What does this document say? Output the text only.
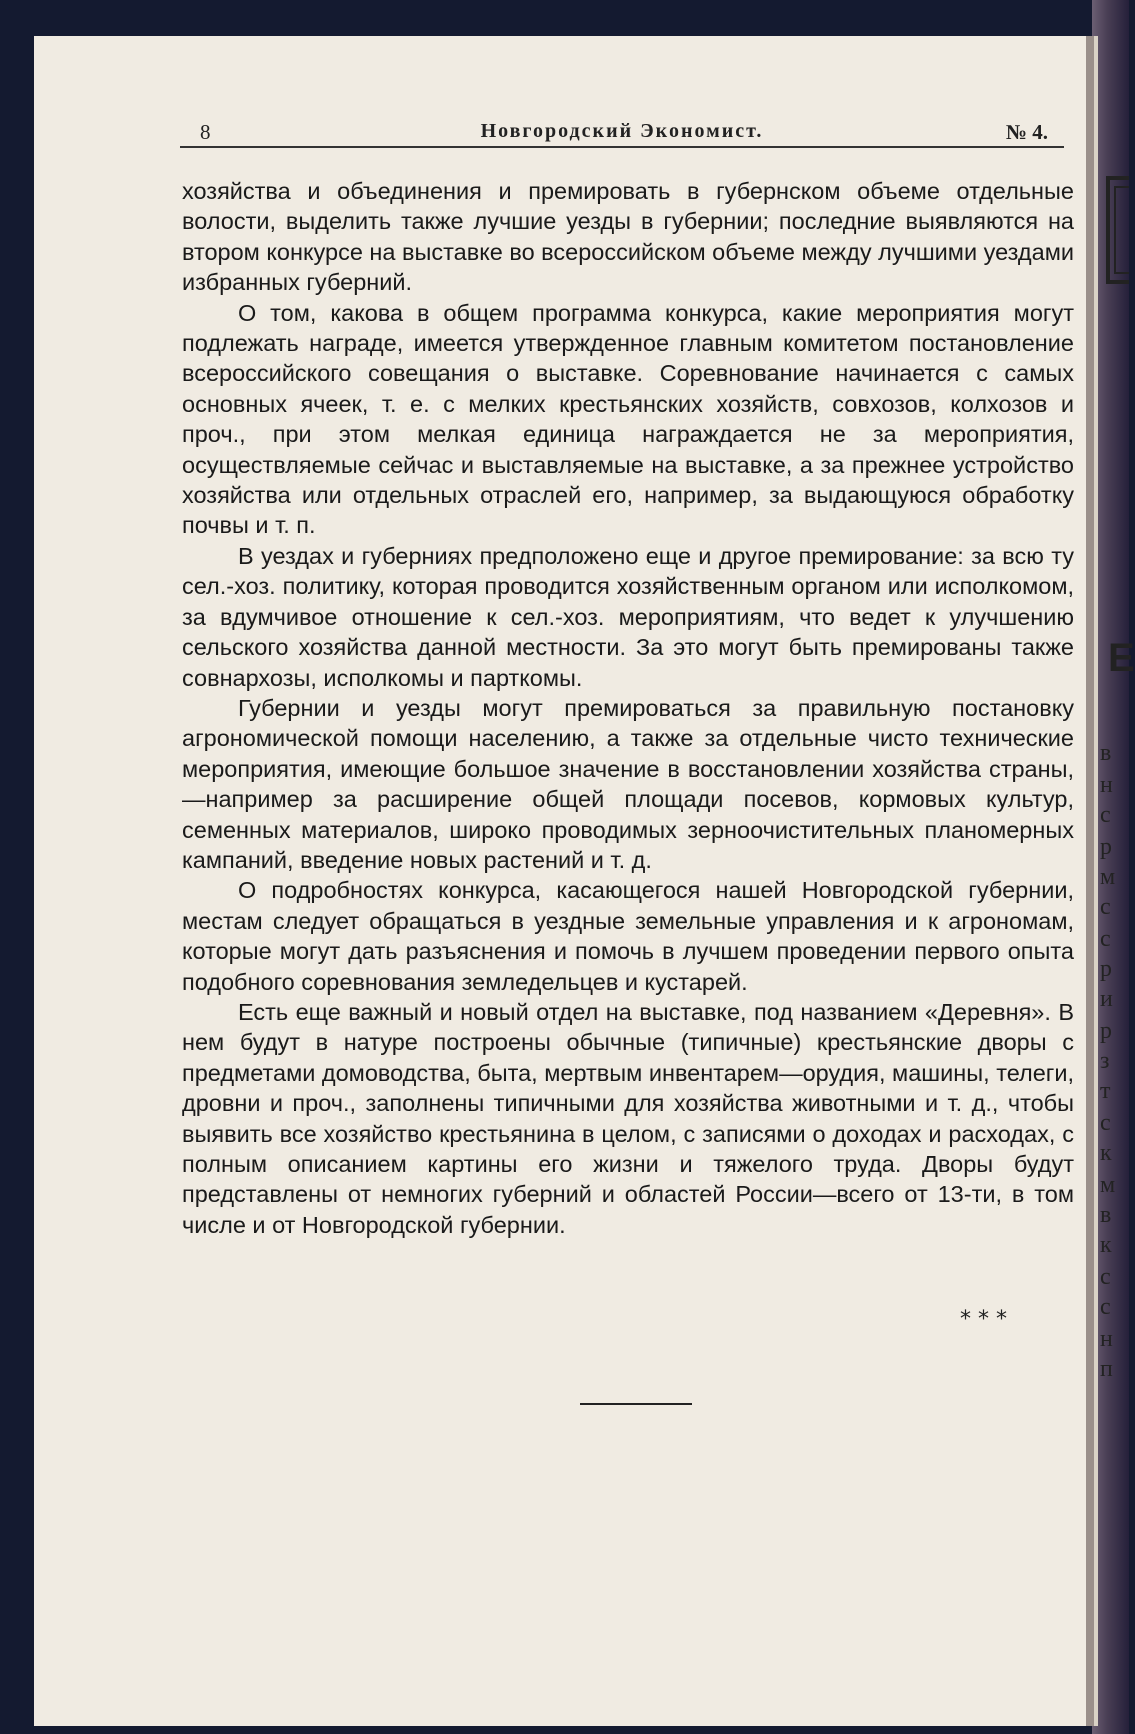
8	Новгородский Экономист.	№ 4.

хозяйства и объединения и премировать в губернском объеме отдельные волости, выделить также лучшие уезды в губернии; последние выявляются на втором конкурсе на выставке во всероссийском объеме между лучшими уездами избранных губерний.

О том, какова в общем программа конкурса, какие мероприятия могут подлежать награде, имеется утвержденное главным комитетом постановление всероссийского совещания о выставке. Соревнование начинается с самых основных ячеек, т. е. с мелких крестьянских хозяйств, совхозов, колхозов и проч., при этом мелкая единица награждается не за мероприятия, осуществляемые сейчас и выставляемые на выставке, а за прежнее устройство хозяйства или отдельных отраслей его, например, за выдающуюся обработку почвы и т. п.

В уездах и губерниях предположено еще и другое премирование: за всю ту сел.-хоз. политику, которая проводится хозяйственным органом или исполкомом, за вдумчивое отношение к сел.-хоз. мероприятиям, что ведет к улучшению сельского хозяйства данной местности. За это могут быть премированы также совнархозы, исполкомы и парткомы.

Губернии и уезды могут премироваться за правильную постановку агрономической помощи населению, а также за отдельные чисто технические мероприятия, имеющие большое значение в восстановлении хозяйства страны,—например за расширение общей площади посевов, кормовых культур, семенных материалов, широко проводимых зерноочистительных планомерных кампаний, введение новых растений и т. д.

О подробностях конкурса, касающегося нашей Новгородской губернии, местам следует обращаться в уездные земельные управления и к агрономам, которые могут дать разъяснения и помочь в лучшем проведении первого опыта подобного соревнования земледельцев и кустарей.

Есть еще важный и новый отдел на выставке, под названием «Деревня». В нем будут в натуре построены обычные (типичные) крестьянские дворы с предметами домоводства, быта, мертвым инвентарем—орудия, машины, телеги, дровни и проч., заполнены типичными для хозяйства животными и т. д., чтобы выявить все хозяйство крестьянина в целом, с записями о доходах и расходах, с полным описанием картины его жизни и тяжелого труда. Дворы будут представлены от немногих губерний и областей России—всего от 13-ти, в том числе и от Новгородской губернии.

* * *
Е
в
н
с
р
м
с
с
р
и
р
з
т
с
к
м
в
к
с
с
н
п
